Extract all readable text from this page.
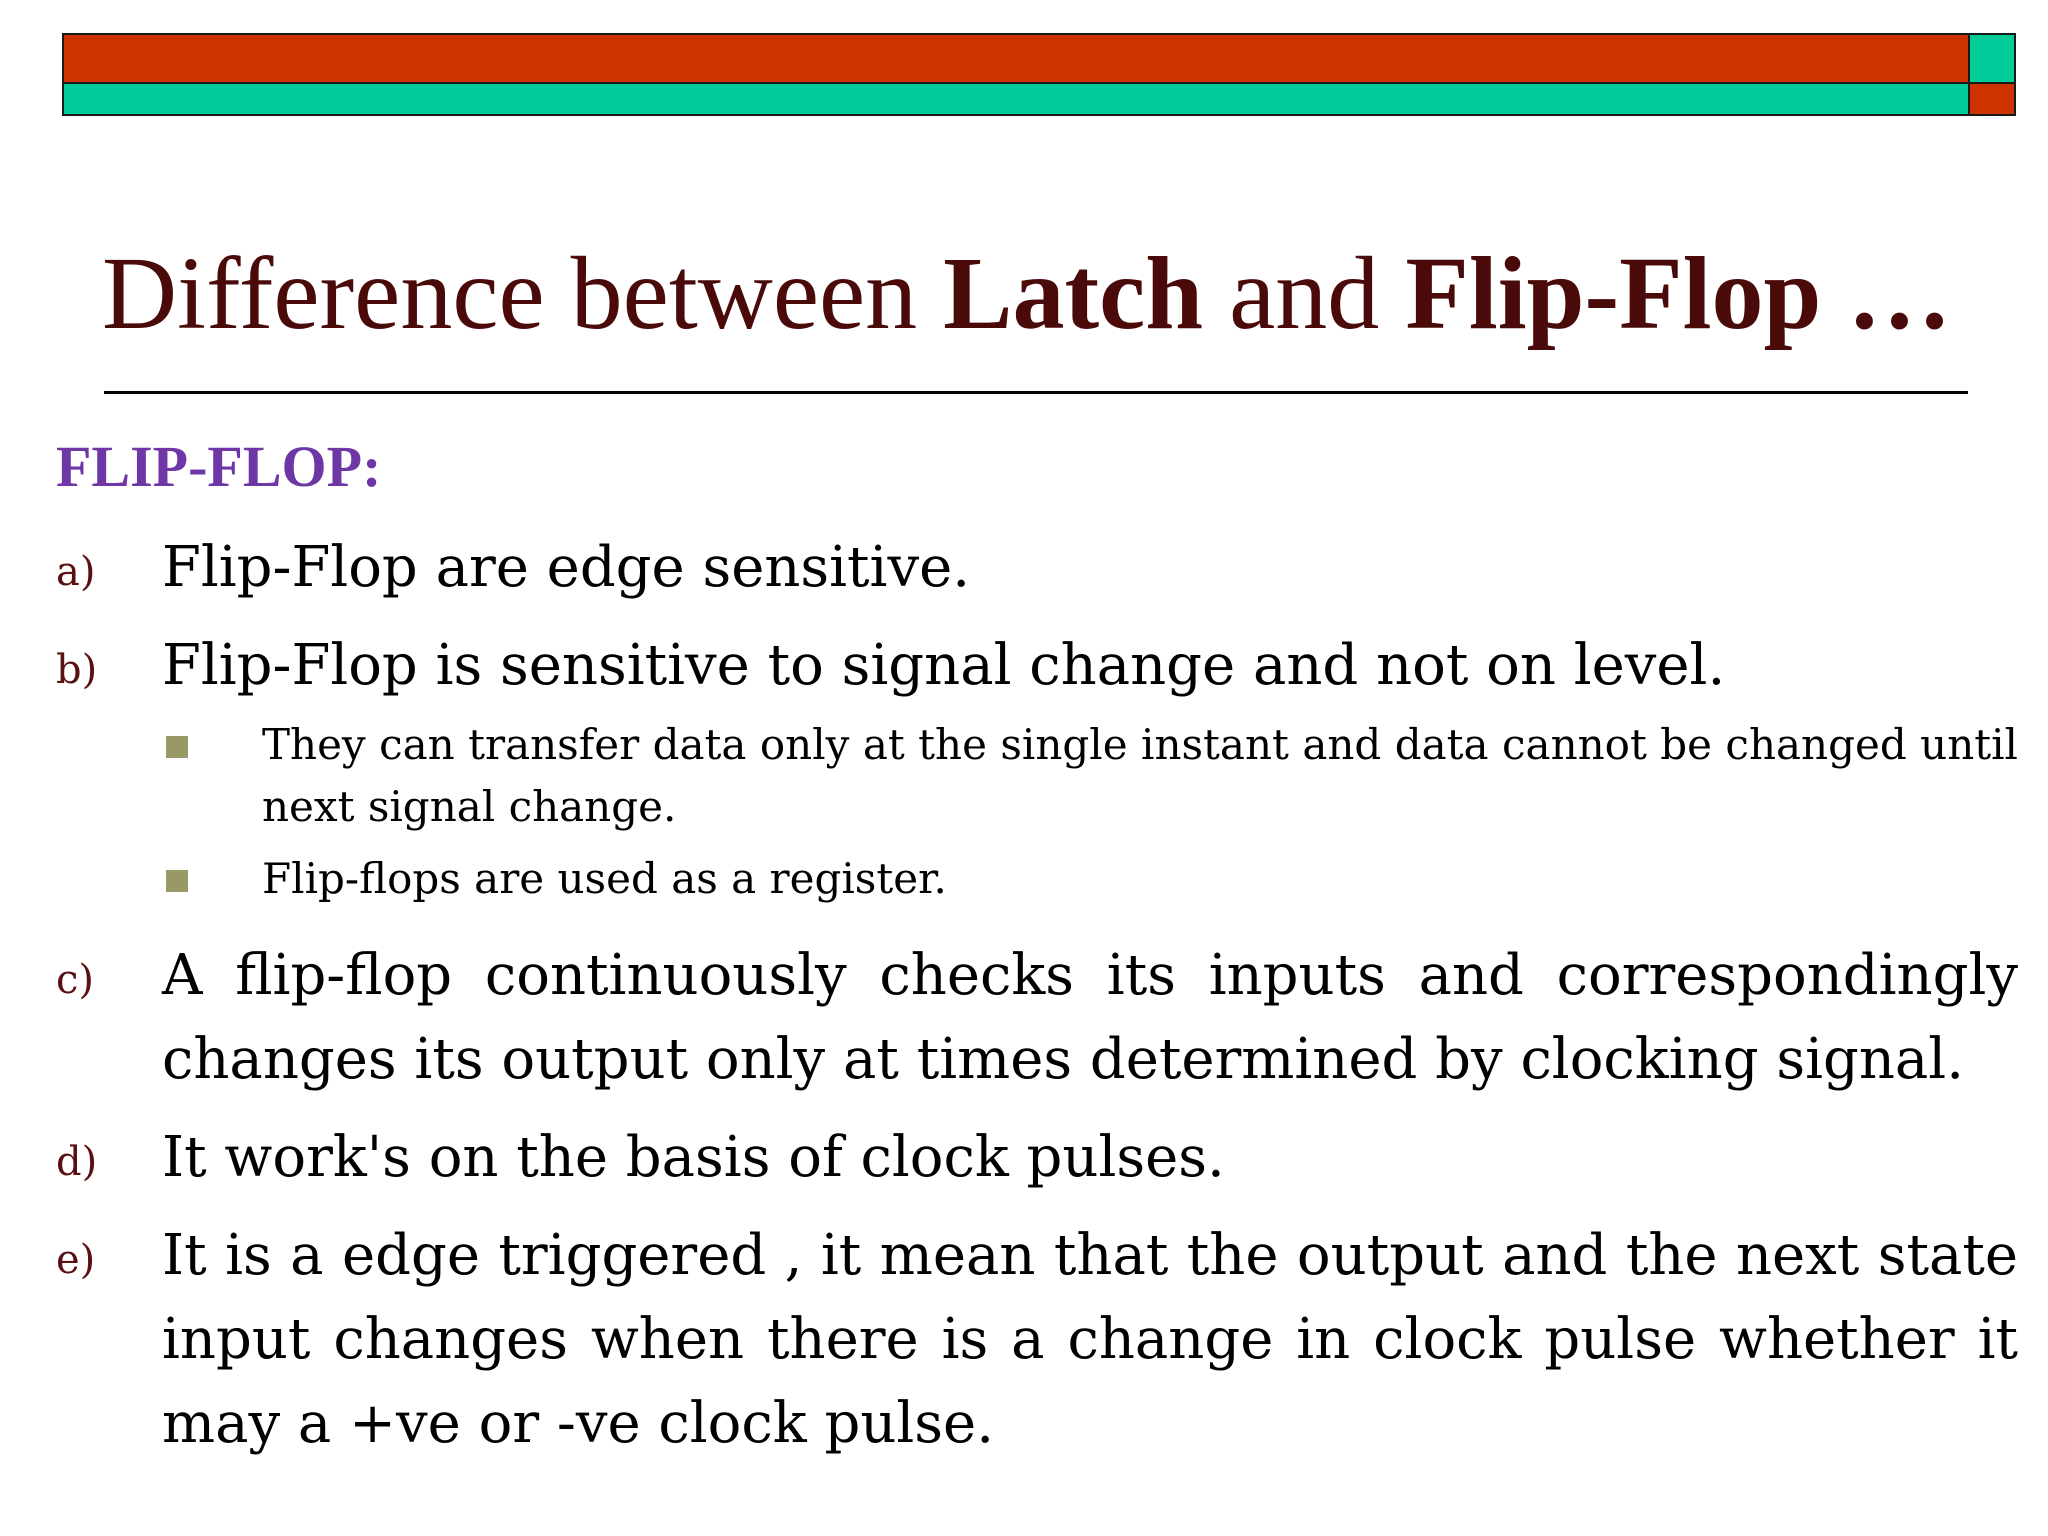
Difference between Latch and Flip-Flop …
FLIP-FLOP:
a) Flip-Flop are edge sensitive.
b) Flip-Flop is sensitive to signal change and not on level.
They can transfer data only at the single instant and data cannot be changed until next signal change.
Flip-flops are used as a register.
c) A flip-flop continuously checks its inputs and correspondingly changes its output only at times determined by clocking signal.
d) It work's on the basis of clock pulses.
e) It is a edge triggered , it mean that the output and the next state input changes when there is a change in clock pulse whether it may a +ve or -ve clock pulse.
